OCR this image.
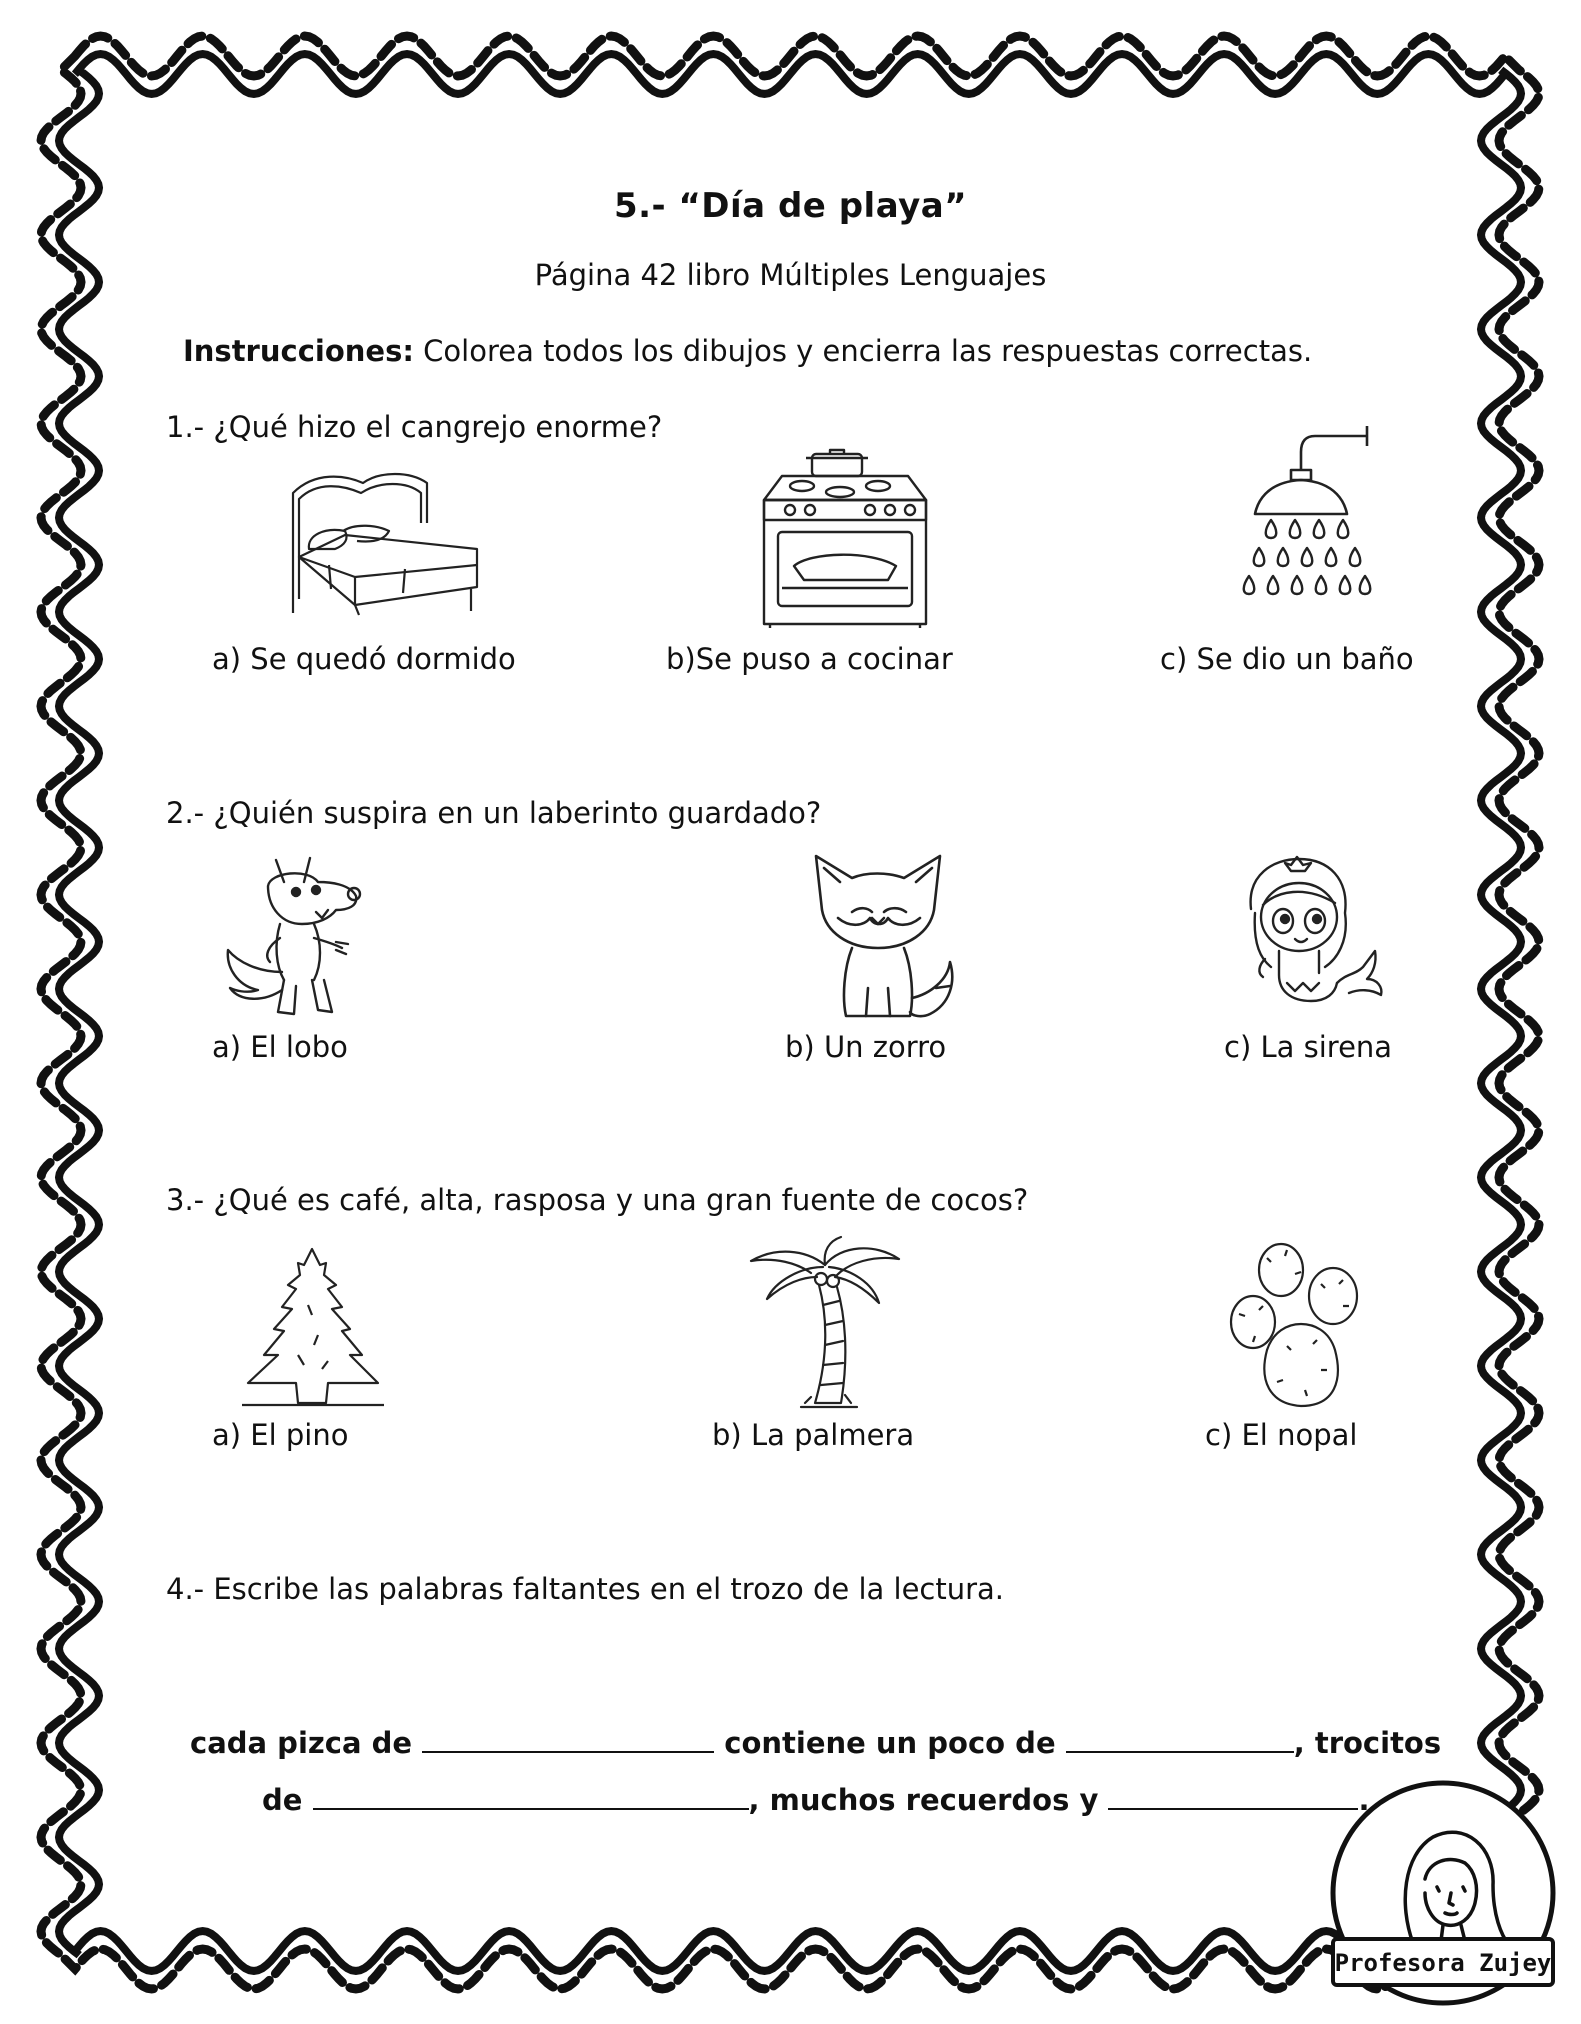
5.- “Día de playa”
Página 42 libro Múltiples Lenguajes
Instrucciones: Colorea todos los dibujos y encierra las respuestas correctas.
1.- ¿Qué hizo el cangrejo enorme?
a) Se quedó dormido	b)Se puso a cocinar	c) Se dio un baño
2.- ¿Quién suspira en un laberinto guardado?
a) El lobo	b) Un zorro	c) La sirena
3.- ¿Qué es café, alta, rasposa y una gran fuente de cocos?
a) El pino	b) La palmera	c) El nopal
4.- Escribe las palabras faltantes en el trozo de la lectura.
cada pizca de	contiene un poco de	, trocitos
de	, muchos recuerdos y	.
Profesora Zujey
